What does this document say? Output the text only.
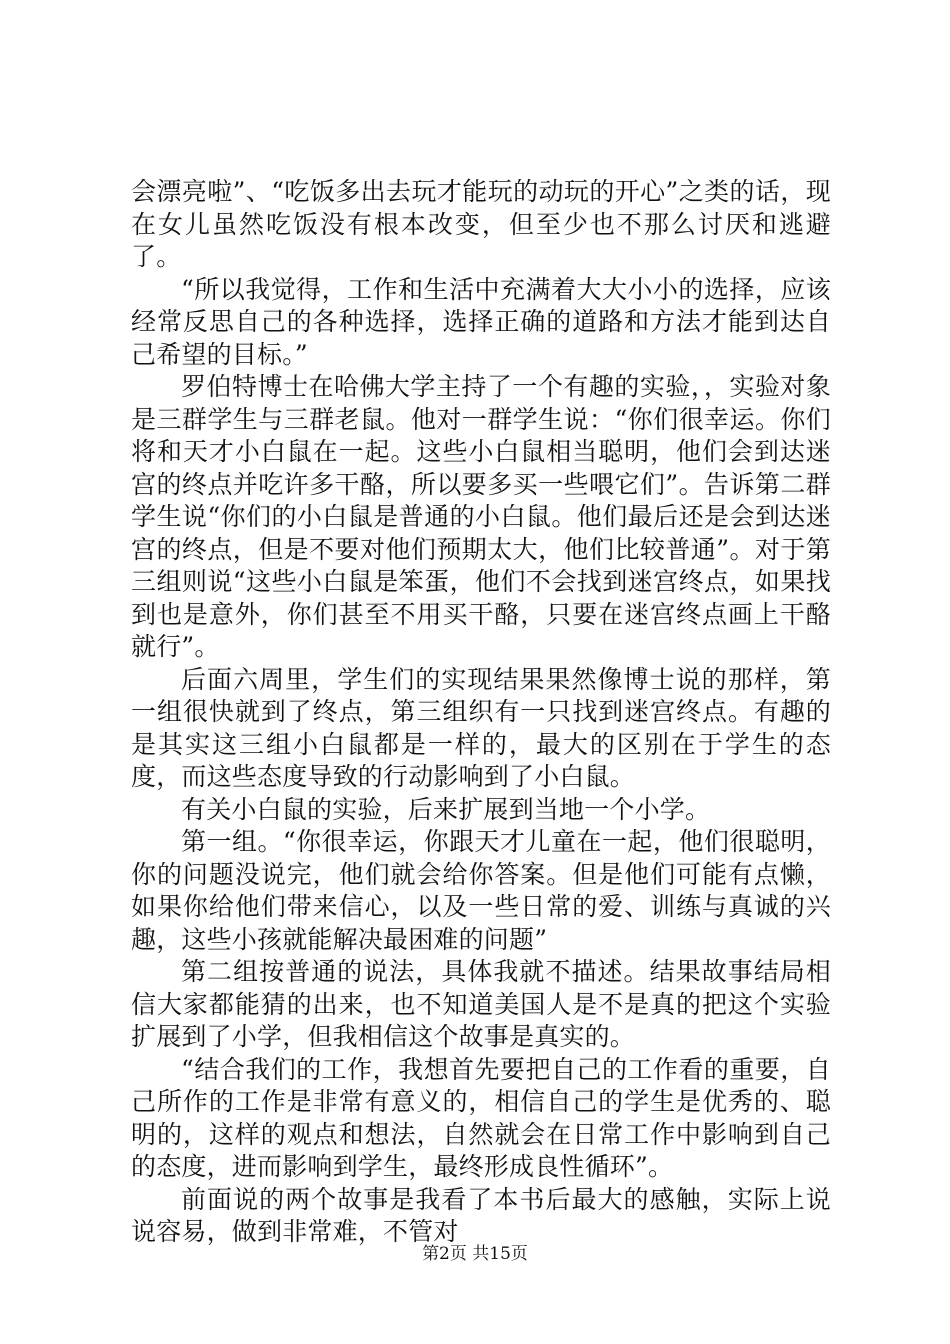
会漂亮啦”、“吃饭多出去玩才能玩的动玩的开心”之类的话，现在女儿虽然吃饭没有根本改变，但至少也不那么讨厌和逃避了。

“所以我觉得，工作和生活中充满着大大小小的选择，应该经常反思自己的各种选择，选择正确的道路和方法才能到达自己希望的目标。”

罗伯特博士在哈佛大学主持了一个有趣的实验，，实验对象是三群学生与三群老鼠。他对一群学生说：“你们很幸运。你们将和天才小白鼠在一起。这些小白鼠相当聪明，他们会到达迷宫的终点并吃许多干酪，所以要多买一些喂它们”。告诉第二群学生说“你们的小白鼠是普通的小白鼠。他们最后还是会到达迷宫的终点，但是不要对他们预期太大，他们比较普通”。对于第三组则说“这些小白鼠是笨蛋，他们不会找到迷宫终点，如果找到也是意外，你们甚至不用买干酪，只要在迷宫终点画上干酪就行”。

后面六周里，学生们的实现结果果然像博士说的那样，第一组很快就到了终点，第三组织有一只找到迷宫终点。有趣的是其实这三组小白鼠都是一样的，最大的区别在于学生的态度，而这些态度导致的行动影响到了小白鼠。

有关小白鼠的实验，后来扩展到当地一个小学。

第一组。“你很幸运，你跟天才儿童在一起，他们很聪明，你的问题没说完，他们就会给你答案。但是他们可能有点懒，如果你给他们带来信心，以及一些日常的爱、训练与真诚的兴趣，这些小孩就能解决最困难的问题”

第二组按普通的说法，具体我就不描述。结果故事结局相信大家都能猜的出来，也不知道美国人是不是真的把这个实验扩展到了小学，但我相信这个故事是真实的。

“结合我们的工作，我想首先要把自己的工作看的重要，自己所作的工作是非常有意义的，相信自己的学生是优秀的、聪明的，这样的观点和想法，自然就会在日常工作中影响到自己的态度，进而影响到学生，最终形成良性循环”。

前面说的两个故事是我看了本书后最大的感触，实际上说说容易，做到非常难，不管对

第2页 共15页
